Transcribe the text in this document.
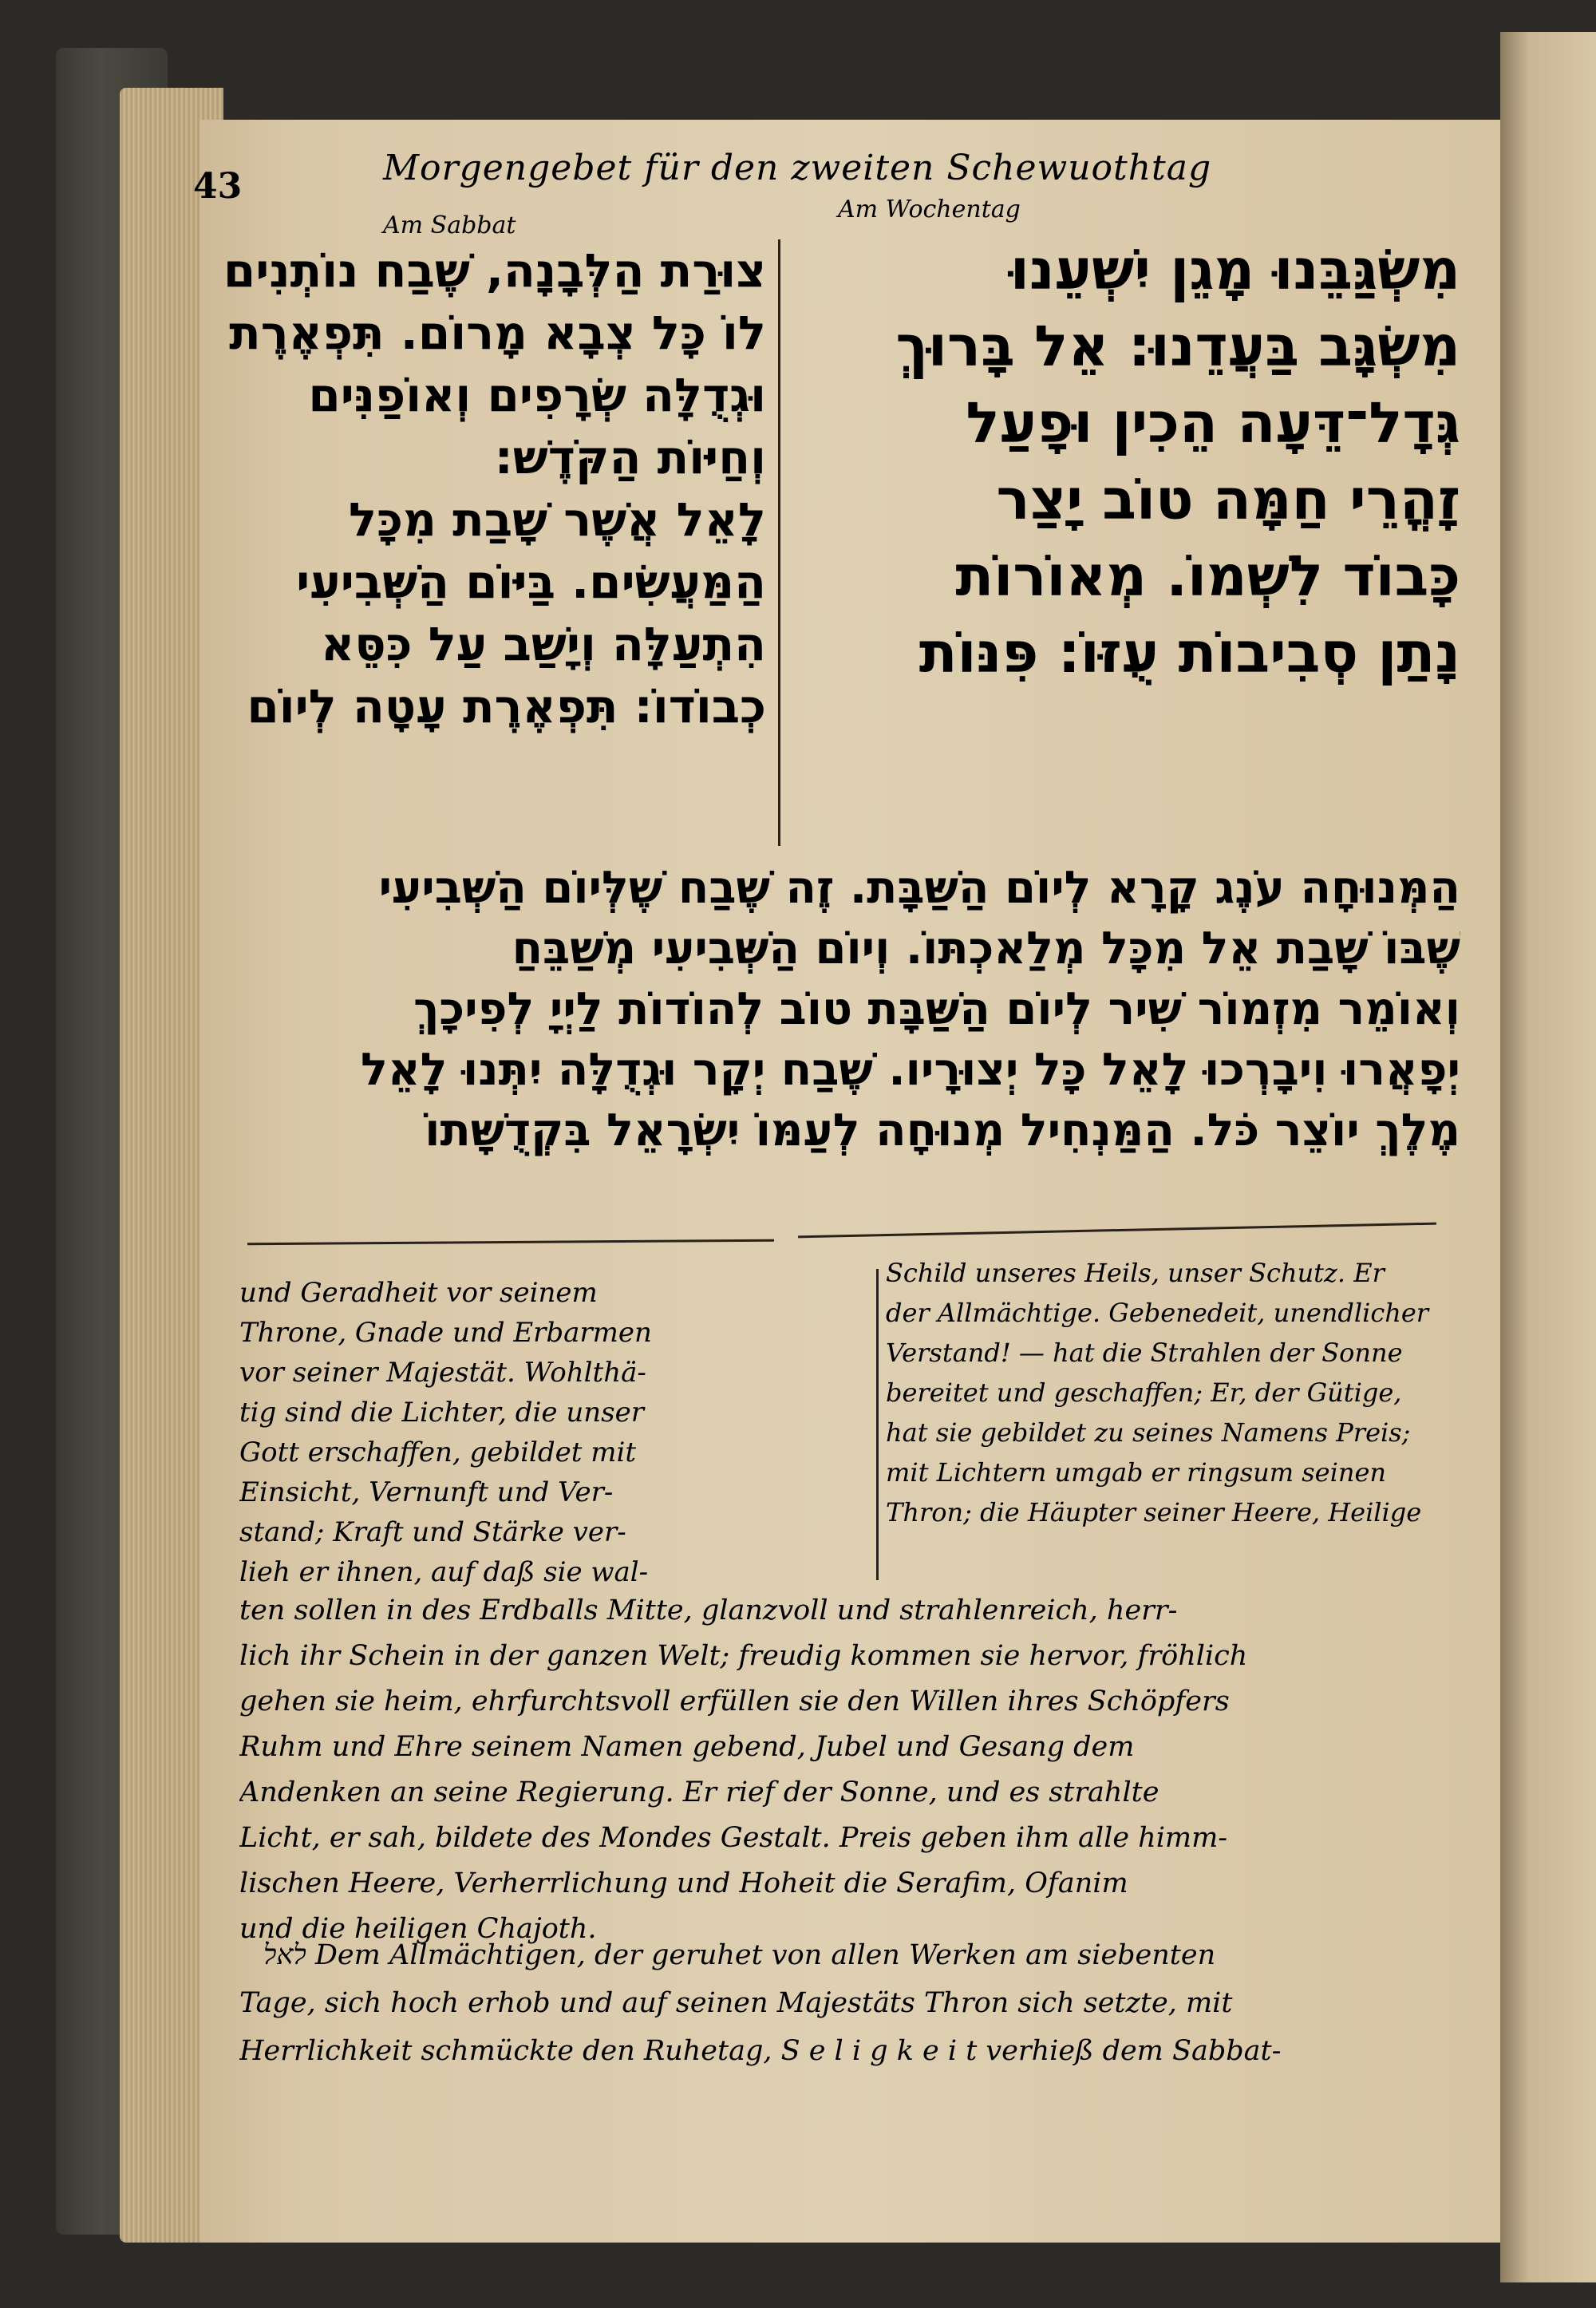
43	Morgengebet für den zweiten Schewuothtag
Am Sabbat
Am Wochentag
צוּרַת הַלְּבָנָה, שֶׁבַח נוֹתְנִים
לוֹ כָּל צְבָא מָרוֹם. תִּפְאֶרֶת
וּגְדֻלָּה שְׂרָפִים וְאוֹפַנִּים
וְחַיּוֹת הַקֹּדֶשׁ:
לָאֵל אֲשֶׁר שָׁבַת מִכָּל
הַמַּעֲשִׂים. בַּיּוֹם הַשְּׁבִיעִי
הִתְעַלָּה וְיָשַׁב עַל כִּסֵּא
כְבוֹדוֹ: תִּפְאֶרֶת עָטָה לְיוֹם
מִשְׂגַּבֵּנוּ מָגֵן יִשְׁעֵנוּ
מִשְׂגָּב בַּעֲדֵנוּ: אֵל בָּרוּךְ
גְּדָל־דֵּעָה הֵכִין וּפָעַל
זָהֳרֵי חַמָּה טוֹב יָצַר
כָּבוֹד לִשְׁמוֹ. מְאוֹרוֹת
נָתַן סְבִיבוֹת עֻזּוֹ: פִּנּוֹת
הַמְּנוּחָה עֹנֶג קָרָא לְיוֹם הַשַּׁבָּת. זֶה שֶׁבַח שֶׁלְּיוֹם הַשְּׁבִיעִי
שֶׁבּוֹ שָׁבַת אֵל מִכָּל מְלַאכְתּוֹ. וְיוֹם הַשְּׁבִיעִי מְשַׁבֵּחַ
וְאוֹמֵר מִזְמוֹר שִׁיר לְיוֹם הַשַּׁבָּת טוֹב לְהוֹדוֹת לַיְיָ לְפִיכָךְ
יְפָאֲרוּ וִיבָרְכוּ לָאֵל כָּל יְצוּרָיו. שֶׁבַח יְקָר וּגְדֻלָּה יִתְּנוּ לָאֵל
מֶלֶךְ יוֹצֵר כֹּל. הַמַּנְחִיל מְנוּחָה לְעַמּוֹ יִשְׂרָאֵל בִּקְדֻשָּׁתוֹ
und Geradheit vor seinem
Throne, Gnade und Erbarmen
vor seiner Majestät. Wohlthä-
tig sind die Lichter, die unser
Gott erschaffen, gebildet mit
Einsicht, Vernunft und Ver-
stand; Kraft und Stärke ver-
lieh er ihnen, auf daß sie wal-
Schild unseres Heils, unser Schutz. Er
der Allmächtige. Gebenedeit, unendlicher
Verstand! — hat die Strahlen der Sonne
bereitet und geschaffen; Er, der Gütige,
hat sie gebildet zu seines Namens Preis;
mit Lichtern umgab er ringsum seinen
Thron; die Häupter seiner Heere, Heilige
ten sollen in des Erdballs Mitte, glanzvoll und strahlenreich, herr-
lich ihr Schein in der ganzen Welt; freudig kommen sie hervor, fröhlich
gehen sie heim, ehrfurchtsvoll erfüllen sie den Willen ihres Schöpfers
Ruhm und Ehre seinem Namen gebend, Jubel und Gesang dem
Andenken an seine Regierung. Er rief der Sonne, und es strahlte
Licht, er sah, bildete des Mondes Gestalt. Preis geben ihm alle himm-
lischen Heere, Verherrlichung und Hoheit die Serafim, Ofanim
und die heiligen Chajoth.
לאל Dem Allmächtigen, der geruhet von allen Werken am siebenten
Tage, sich hoch erhob und auf seinen Majestäts Thron sich setzte, mit
Herrlichkeit schmückte den Ruhetag, S e l i g k e i t verhieß dem Sabbat-
